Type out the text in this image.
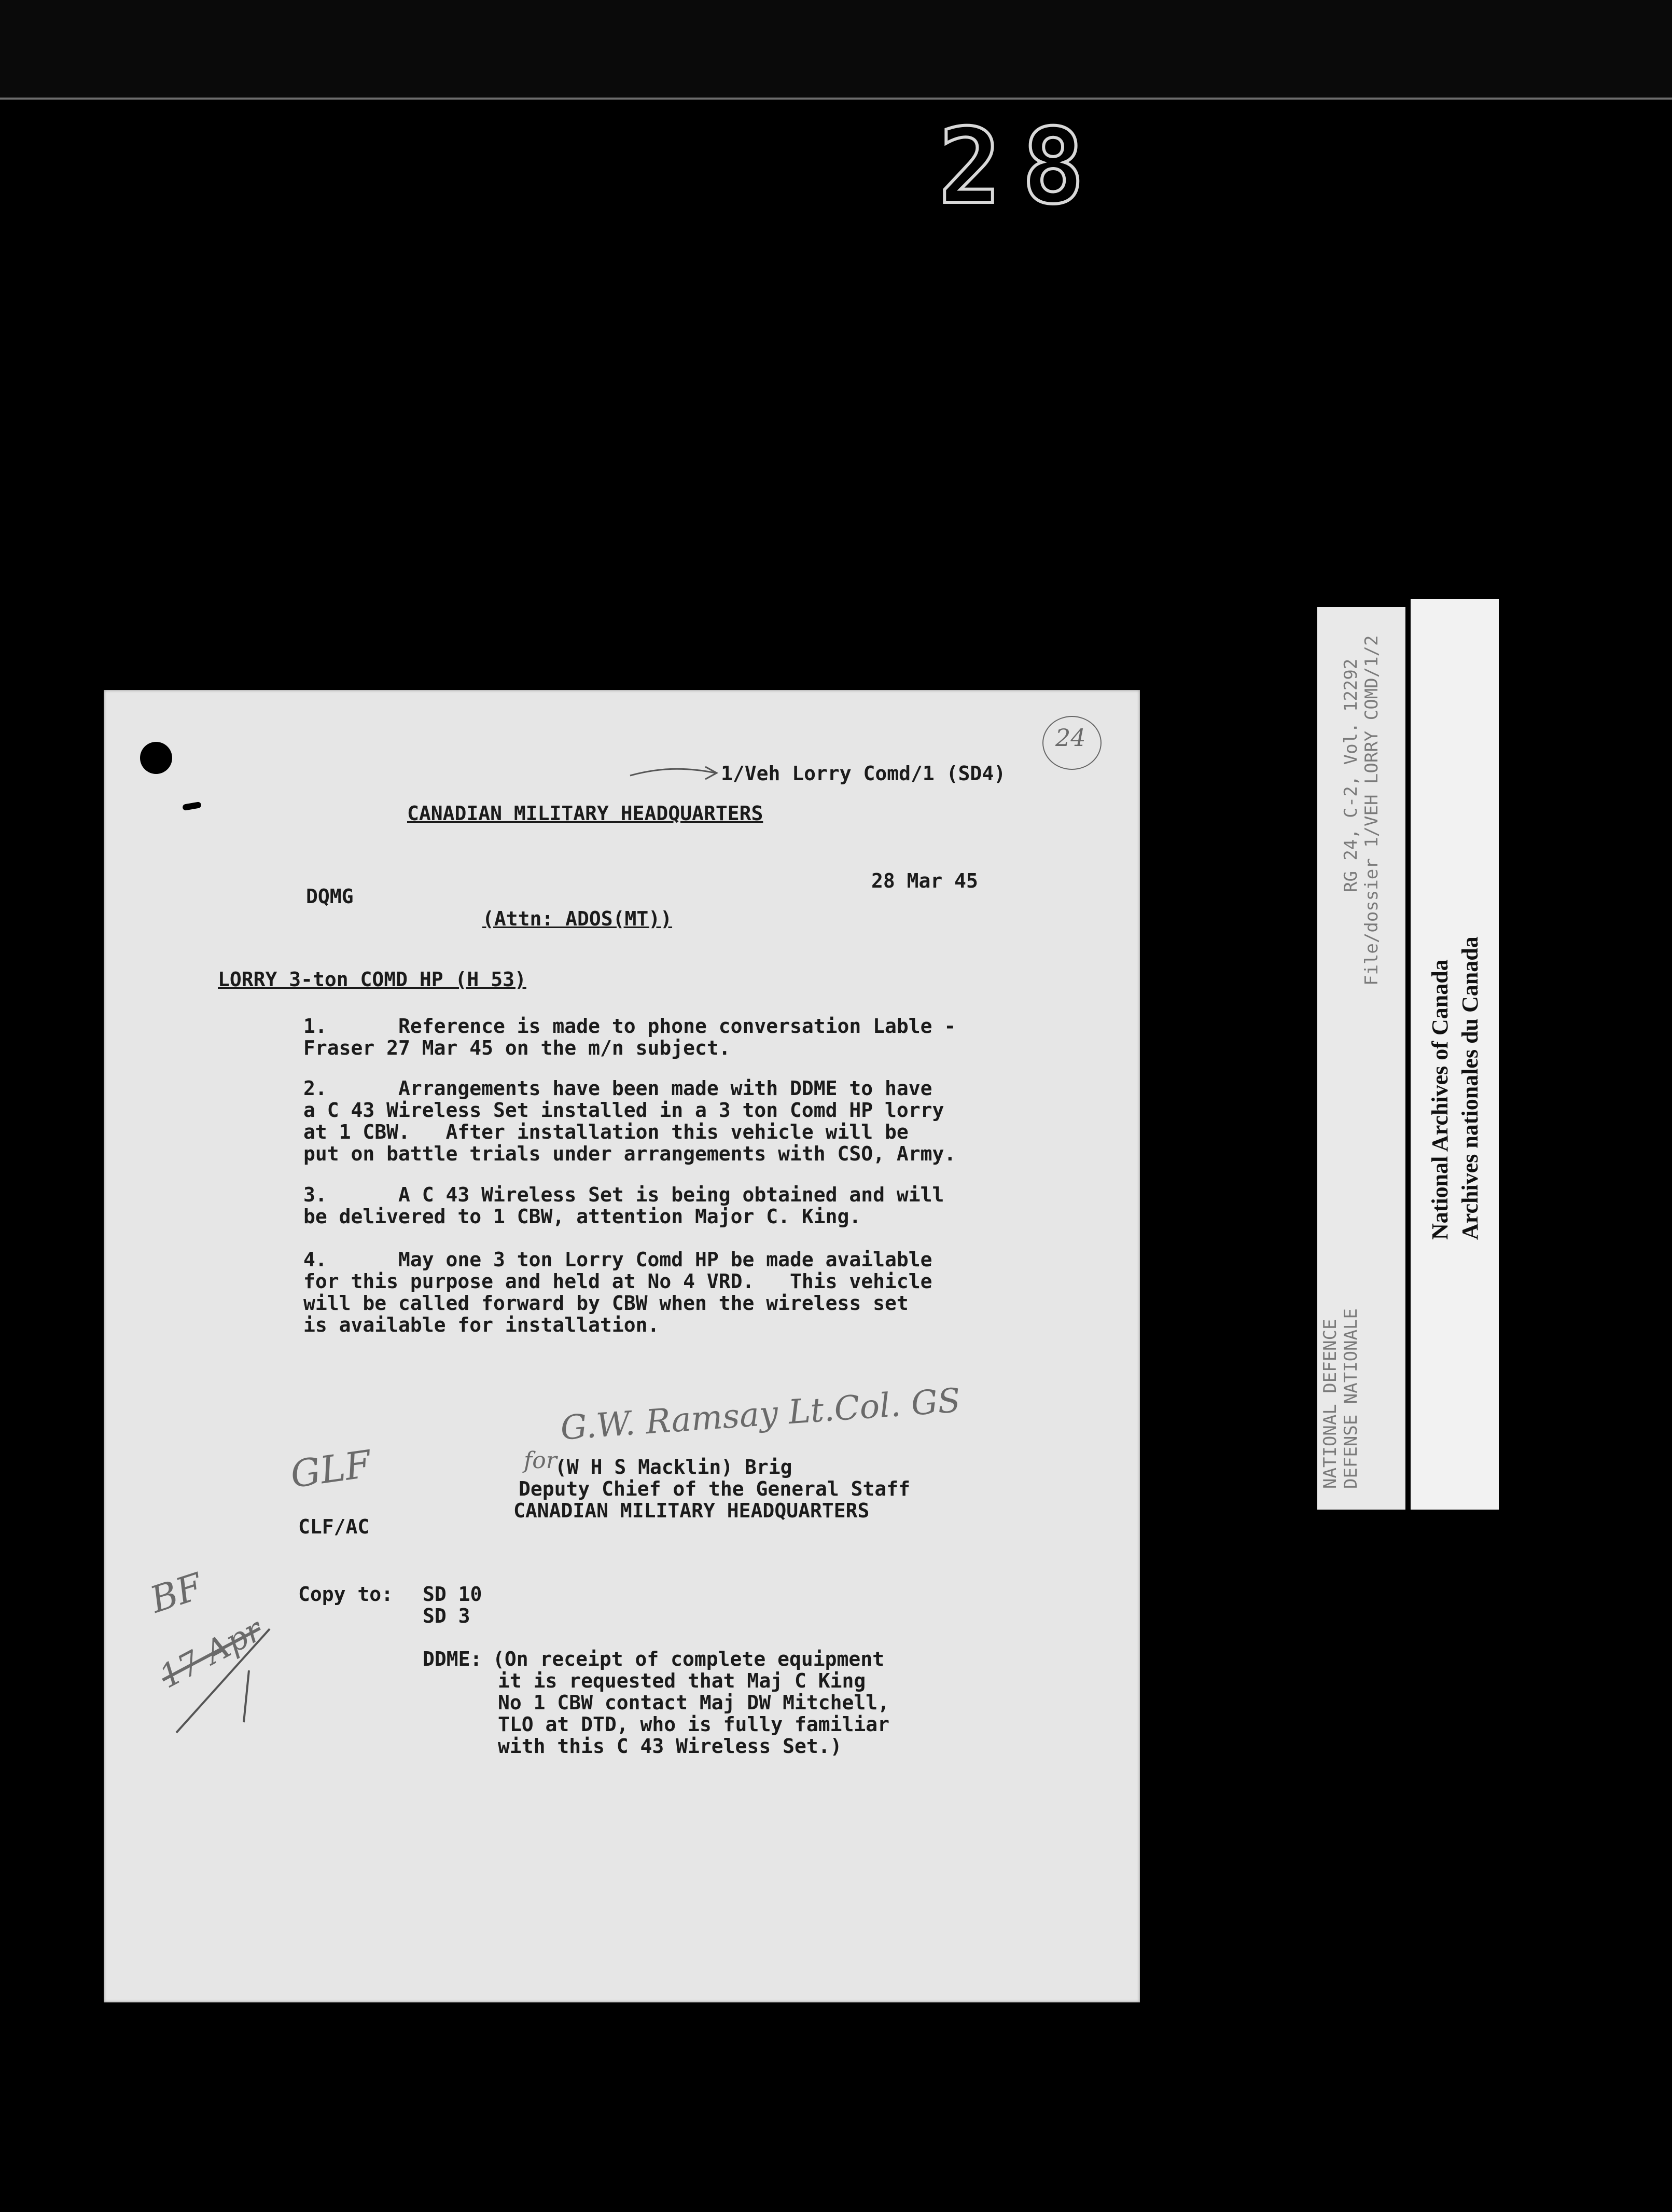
28
24
1/Veh Lorry Comd/1 (SD4)
CANADIAN MILITARY HEADQUARTERS
28 Mar 45
DQMG
(Attn: ADOS(MT))
LORRY 3-ton COMD HP (H 53)
1.      Reference is made to phone conversation Lable -
Fraser 27 Mar 45 on the m/n subject.
2.      Arrangements have been made with DDME to have
a C 43 Wireless Set installed in a 3 ton Comd HP lorry
at 1 CBW.   After installation this vehicle will be
put on battle trials under arrangements with CSO, Army.
3.      A C 43 Wireless Set is being obtained and will
be delivered to 1 CBW, attention Major C. King.
4.      May one 3 ton Lorry Comd HP be made available
for this purpose and held at No 4 VRD.   This vehicle
will be called forward by CBW when the wireless set
is available for installation.
G.W. Ramsay Lt.Col. GS
for
(W H S Macklin) Brig
Deputy Chief of the General Staff
CANADIAN MILITARY HEADQUARTERS
GLF
CLF/AC
Copy to: SD 10
SD 3
DDME: (On receipt of complete equipment
it is requested that Maj C King
No 1 CBW contact Maj DW Mitchell,
TLO at DTD, who is fully familiar
with this C 43 Wireless Set.)
BF
17 Apr
RG 24, C-2, Vol. 12292 File/dossier 1/VEH LORRY COMD/1/2
NATIONAL DEFENCE DEFENSE NATIONALE
National Archives of Canada Archives nationales du Canada
